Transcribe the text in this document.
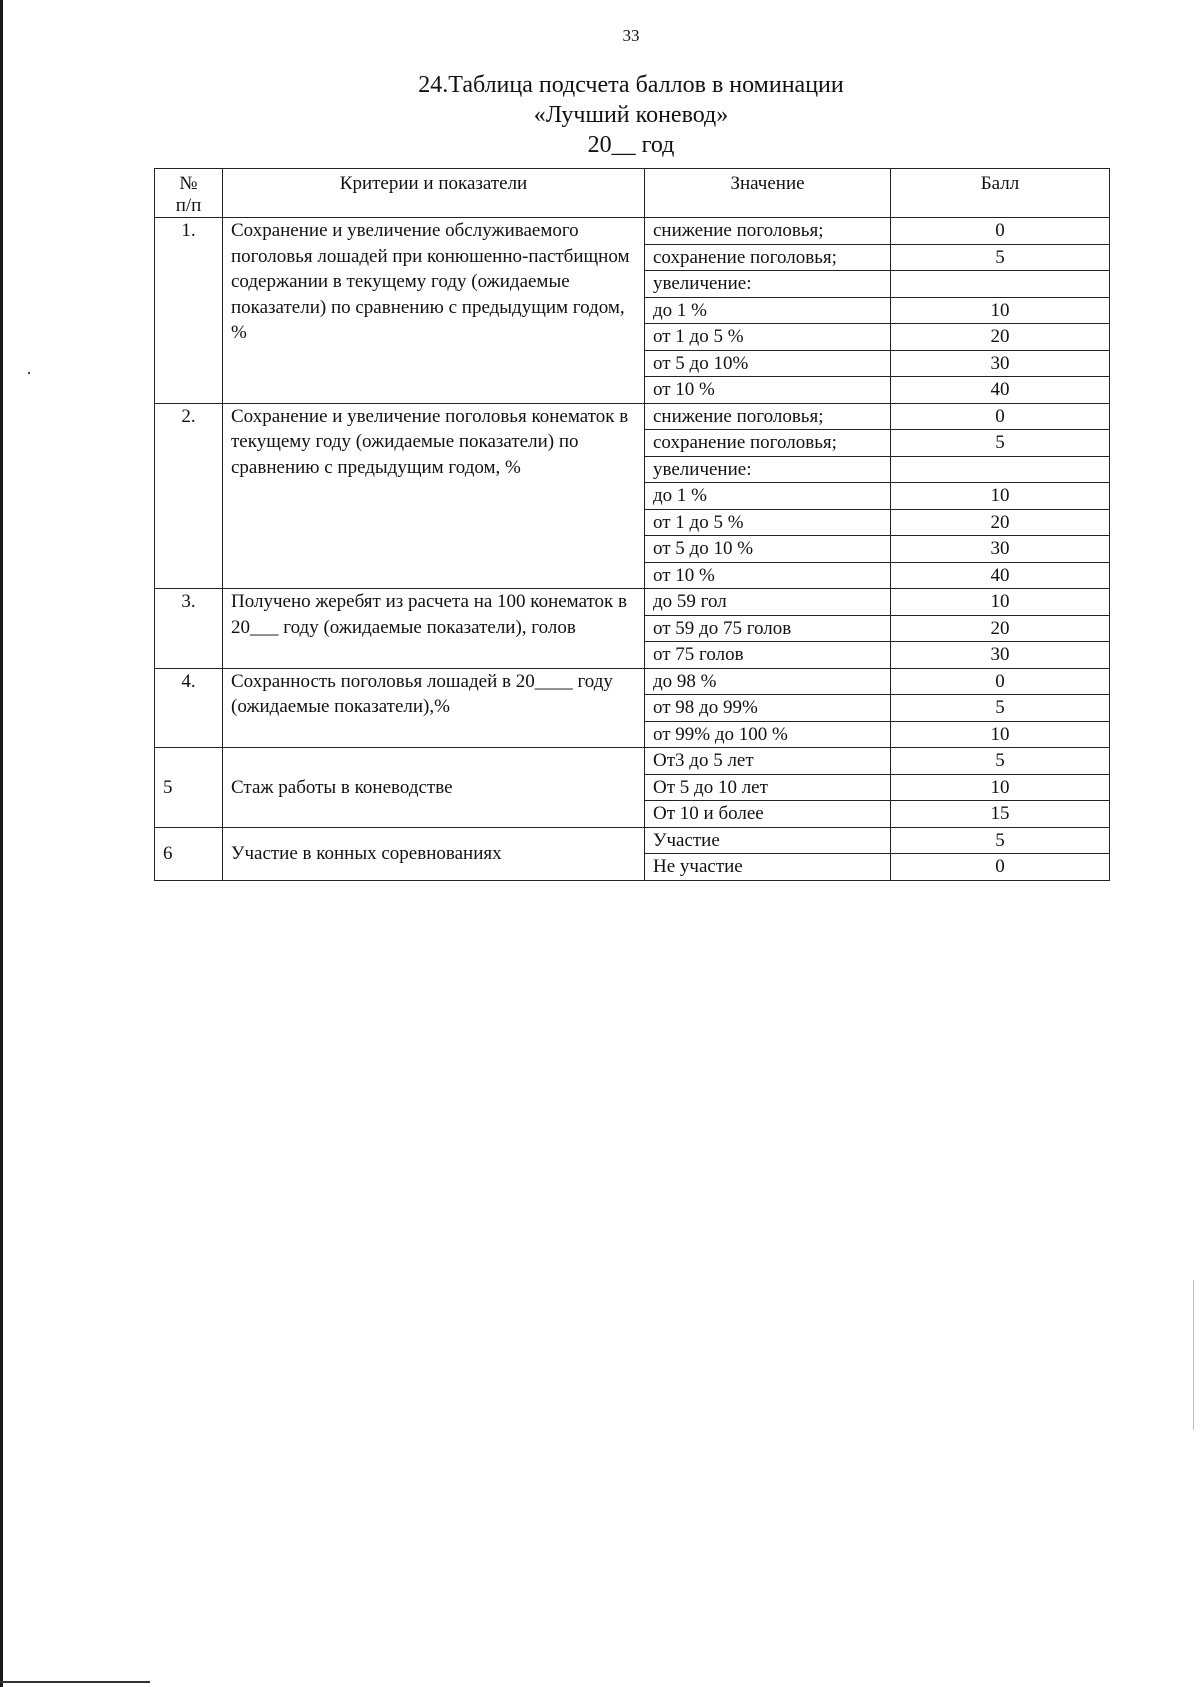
33
24.Таблица подсчета баллов в номинации
«Лучший коневод»
20__ год
№
п/п	Критерии и показатели	Значение	Балл
1.	Сохранение и увеличение обслуживаемого поголовья лошадей при конюшенно-пастбищном содержании в текущему году (ожидаемые показатели) по сравнению с предыдущим годом, %	снижение поголовья;	0
		сохранение поголовья;	5
		увеличение:	
		до 1 %	10
		от 1 до 5 %	20
		от 5 до 10%	30
		от 10 %	40
2.	Сохранение и увеличение поголовья конематок в текущему году (ожидаемые показатели) по сравнению с предыдущим годом, %	снижение поголовья;	0
		сохранение поголовья;	5
		увеличение:	
		до 1 %	10
		от 1 до 5 %	20
		от 5 до 10 %	30
		от 10 %	40
3.	Получено жеребят из расчета на 100 конематок в 20___ году (ожидаемые показатели), голов	до 59 гол	10
		от 59 до 75 голов	20
		от 75 голов	30
4.	Сохранность поголовья лошадей в 20____ году (ожидаемые показатели),%	до 98 %	0
		от 98 до 99%	5
		от 99% до 100 %	10
5	Стаж работы в коневодстве	От3 до 5 лет	5
		От 5 до 10 лет	10
		От 10 и более	15
6	Участие в конных соревнованиях	Участие	5
		Не участие	0
